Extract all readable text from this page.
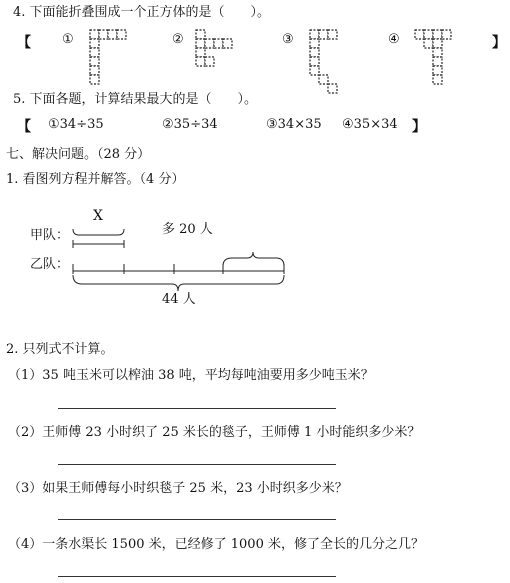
4. 下面能折叠围成一个正方体的是（　　）。
【 ①	②	③	④	】
5. 下面各题，计算结果最大的是（　　）。
【 ①34÷35	②35÷34	③34×35 ④35×34 】
七、解决问题。（28 分）
1. 看图列方程并解答。（4 分）
X
甲队：	多 20 人
乙队：
44 人
2. 只列式不计算。
（1）35 吨玉米可以榨油 38 吨，平均每吨油要用多少吨玉米？
（2）王师傅 23 小时织了 25 米长的毯子，王师傅 1 小时能织多少米？
（3）如果王师傅每小时织毯子 25 米，23 小时织多少米？
（4）一条水渠长 1500 米，已经修了 1000 米，修了全长的几分之几？
